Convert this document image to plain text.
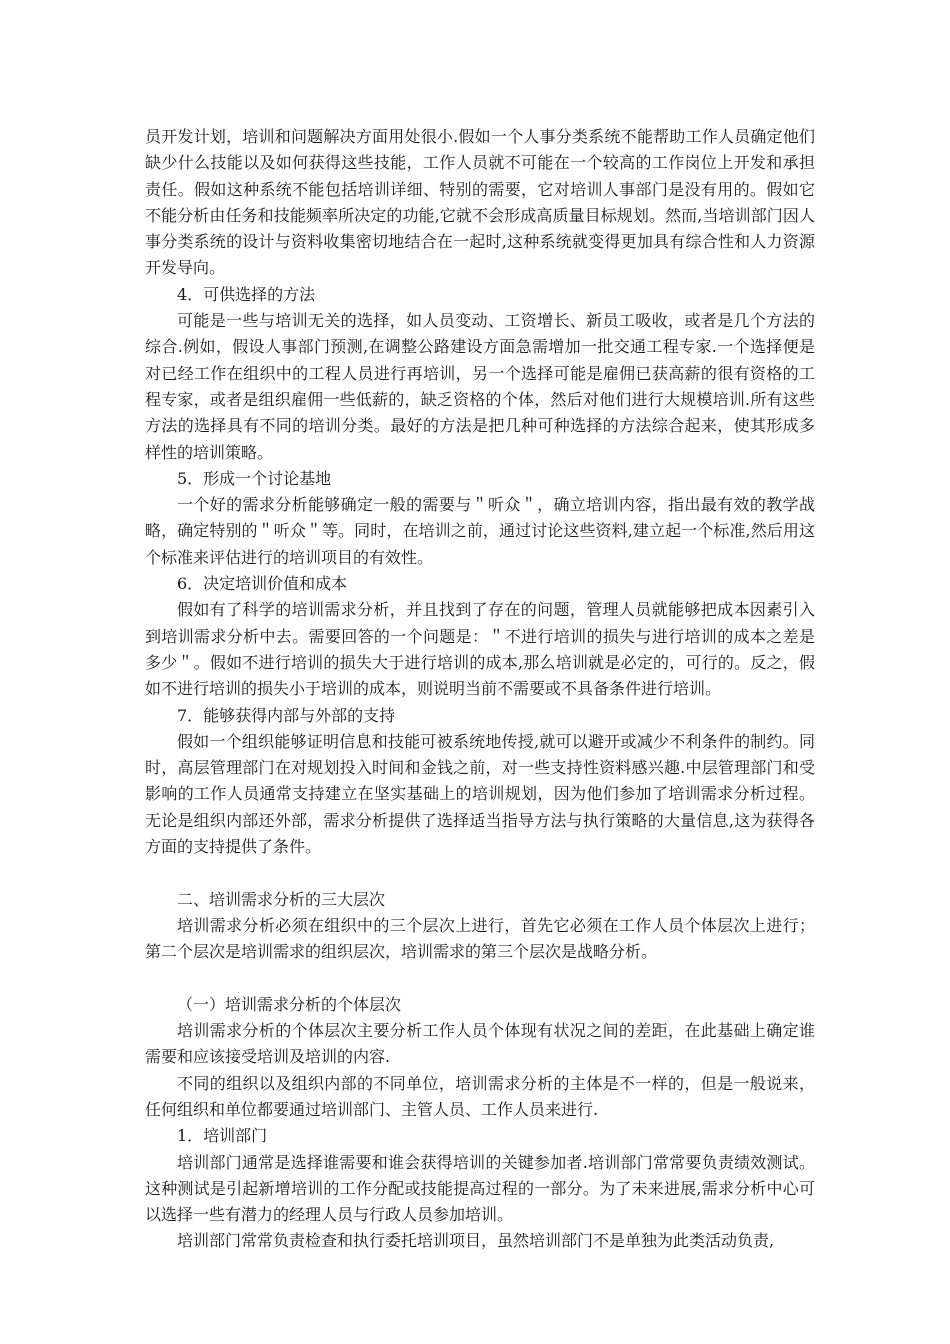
员开发计划，培训和问题解决方面用处很小.假如一个人事分类系统不能帮助工作人员确定他们缺少什么技能以及如何获得这些技能，工作人员就不可能在一个较高的工作岗位上开发和承担责任。假如这种系统不能包括培训详细、特别的需要，它对培训人事部门是没有用的。假如它不能分析由任务和技能频率所决定的功能,它就不会形成高质量目标规划。然而,当培训部门因人事分类系统的设计与资料收集密切地结合在一起时,这种系统就变得更加具有综合性和人力资源开发导向。

4．可供选择的方法

可能是一些与培训无关的选择，如人员变动、工资增长、新员工吸收，或者是几个方法的综合.例如，假设人事部门预测,在调整公路建设方面急需增加一批交通工程专家.一个选择便是对已经工作在组织中的工程人员进行再培训，另一个选择可能是雇佣已获高薪的很有资格的工程专家，或者是组织雇佣一些低薪的，缺乏资格的个体，然后对他们进行大规模培训.所有这些方法的选择具有不同的培训分类。最好的方法是把几种可种选择的方法综合起来，使其形成多样性的培训策略。

5．形成一个讨论基地

一个好的需求分析能够确定一般的需要与＂听众＂，确立培训内容，指出最有效的教学战略，确定特别的＂听众＂等。同时，在培训之前，通过讨论这些资料,建立起一个标准,然后用这个标准来评估进行的培训项目的有效性。

6．决定培训价值和成本

假如有了科学的培训需求分析，并且找到了存在的问题，管理人员就能够把成本因素引入到培训需求分析中去。需要回答的一个问题是：＂不进行培训的损失与进行培训的成本之差是多少＂。假如不进行培训的损失大于进行培训的成本,那么培训就是必定的，可行的。反之，假如不进行培训的损失小于培训的成本，则说明当前不需要或不具备条件进行培训。

7．能够获得内部与外部的支持

假如一个组织能够证明信息和技能可被系统地传授,就可以避开或减少不利条件的制约。同时，高层管理部门在对规划投入时间和金钱之前，对一些支持性资料感兴趣.中层管理部门和受影响的工作人员通常支持建立在坚实基础上的培训规划，因为他们参加了培训需求分析过程。无论是组织内部还外部，需求分析提供了选择适当指导方法与执行策略的大量信息,这为获得各方面的支持提供了条件。

二、培训需求分析的三大层次

培训需求分析必须在组织中的三个层次上进行，首先它必须在工作人员个体层次上进行；第二个层次是培训需求的组织层次，培训需求的第三个层次是战略分析。

（一）培训需求分析的个体层次

培训需求分析的个体层次主要分析工作人员个体现有状况之间的差距，在此基础上确定谁需要和应该接受培训及培训的内容.

不同的组织以及组织内部的不同单位，培训需求分析的主体是不一样的，但是一般说来，任何组织和单位都要通过培训部门、主管人员、工作人员来进行.

1．培训部门

培训部门通常是选择谁需要和谁会获得培训的关键参加者.培训部门常常要负责绩效测试。这种测试是引起新增培训的工作分配或技能提高过程的一部分。为了未来进展,需求分析中心可以选择一些有潜力的经理人员与行政人员参加培训。

培训部门常常负责检查和执行委托培训项目，虽然培训部门不是单独为此类活动负责,
